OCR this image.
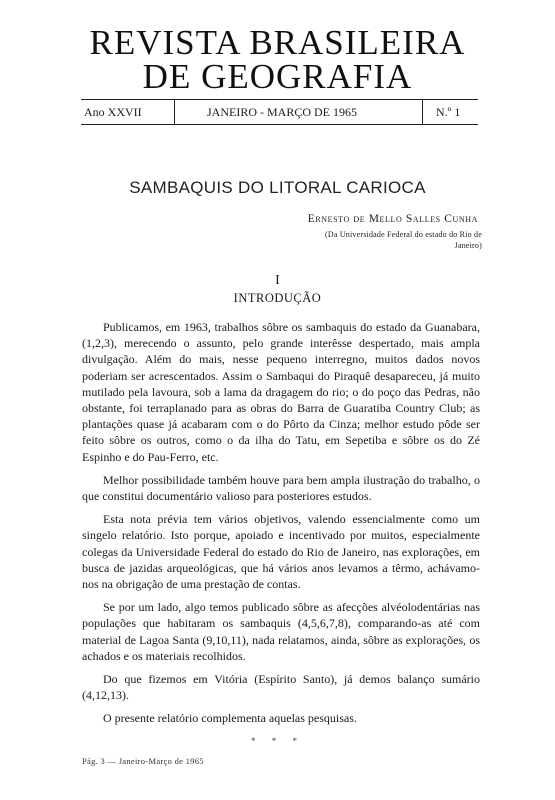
REVISTA BRASILEIRA
DE GEOGRAFIA
Ano XXVII	JANEIRO - MARÇO DE 1965	N.º 1
SAMBAQUIS DO LITORAL CARIOCA
Ernesto de Mello Salles Cunha
(Da Universidade Federal do estado do Rio de Janeiro)
I
INTRODUÇÃO

Publicamos, em 1963, trabalhos sôbre os sambaquis do estado da Guanabara, (1,2,3), merecendo o assunto, pelo grande interêsse despertado, mais ampla divulgação. Além do mais, nesse pequeno interregno, muitos dados novos poderiam ser acrescentados. Assim o Sambaqui do Piraquê desapareceu, já muito mutilado pela lavoura, sob a lama da dragagem do rio; o do poço das Pedras, não obstante, foi terraplanado para as obras do Barra de Guaratiba Country Club; as plantações quase já acabaram com o do Pôrto da Cinza; melhor estudo pôde ser feito sôbre os outros, como o da ilha do Tatu, em Sepetiba e sôbre os do Zé Espinho e do Pau-Ferro, etc.

Melhor possibilidade também houve para bem ampla ilustração do trabalho, o que constitui documentário valioso para posteriores estudos.

Esta nota prévia tem vários objetivos, valendo essencialmente como um singelo relatório. Isto porque, apoiado e incentivado por muitos, especialmente colegas da Universidade Federal do estado do Rio de Janeiro, nas explorações, em busca de jazidas arqueológicas, que há vários anos levamos a têrmo, achávamo-nos na obrigação de uma prestação de contas.

Se por um lado, algo temos publicado sôbre as afecções alvéolodentárias nas populações que habitaram os sambaquis (4,5,6,7,8), comparando-as até com material de Lagoa Santa (9,10,11), nada relatamos, ainda, sôbre as explorações, os achados e os materiais recolhidos.

Do que fizemos em Vitória (Espírito Santo), já demos balanço sumário (4,12,13).

O presente relatório complementa aquelas pesquisas.

* * *
Pág. 3 — Janeiro-Março de 1965
